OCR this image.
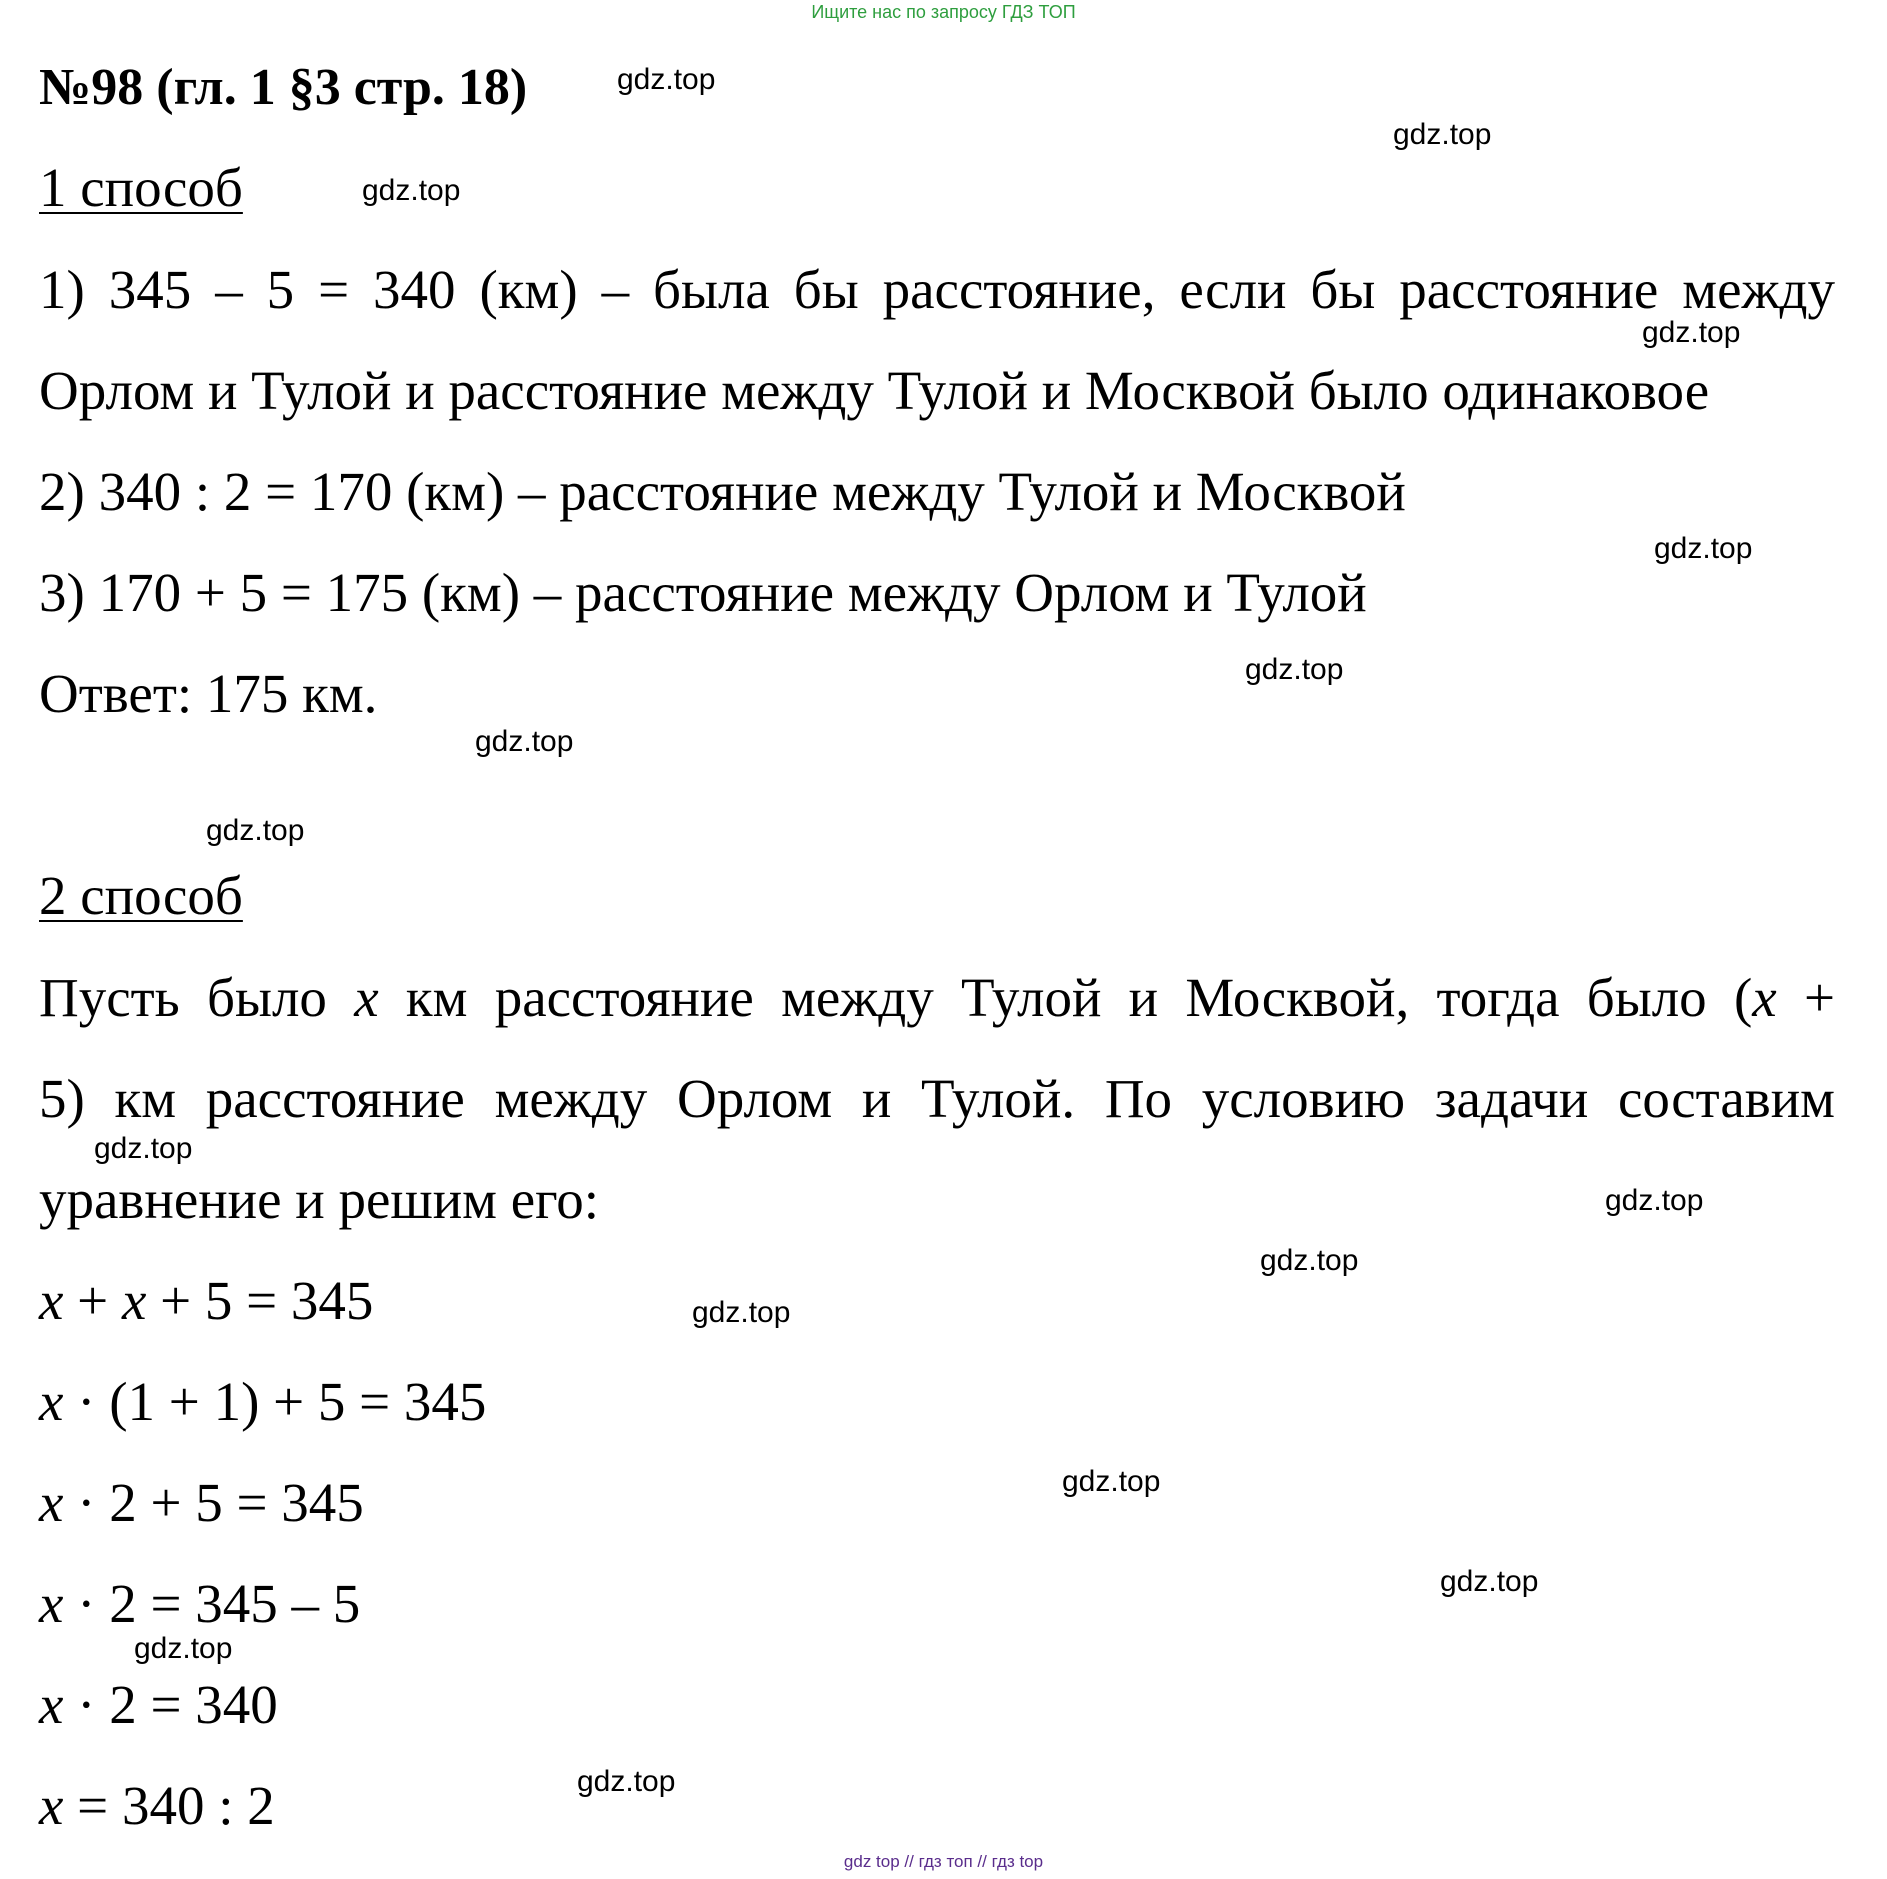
Ищите нас по запросу ГДЗ ТОП
№98 (гл. 1 §3 стр. 18)
1 способ
1) 345 – 5 = 340 (км) – была бы расстояние, если бы расстояние между
Орлом и Тулой и расстояние между Тулой и Москвой было одинаковое
2) 340 : 2 = 170 (км) – расстояние между Тулой и Москвой
3) 170 + 5 = 175 (км) – расстояние между Орлом и Тулой
Ответ: 175 км.
2 способ
Пусть было x км расстояние между Тулой и Москвой, тогда было (x +
5) км расстояние между Орлом и Тулой. По условию задачи составим
уравнение и решим его:
x + x + 5 = 345
x · (1 + 1) + 5 = 345
x · 2 + 5 = 345
x · 2 = 345 – 5
x · 2 = 340
x = 340 : 2
gdz.top
gdz.top
gdz.top
gdz.top
gdz.top
gdz.top
gdz.top
gdz.top
gdz.top
gdz.top
gdz.top
gdz.top
gdz.top
gdz.top
gdz.top
gdz.top
gdz top // гдз топ // гдз top
